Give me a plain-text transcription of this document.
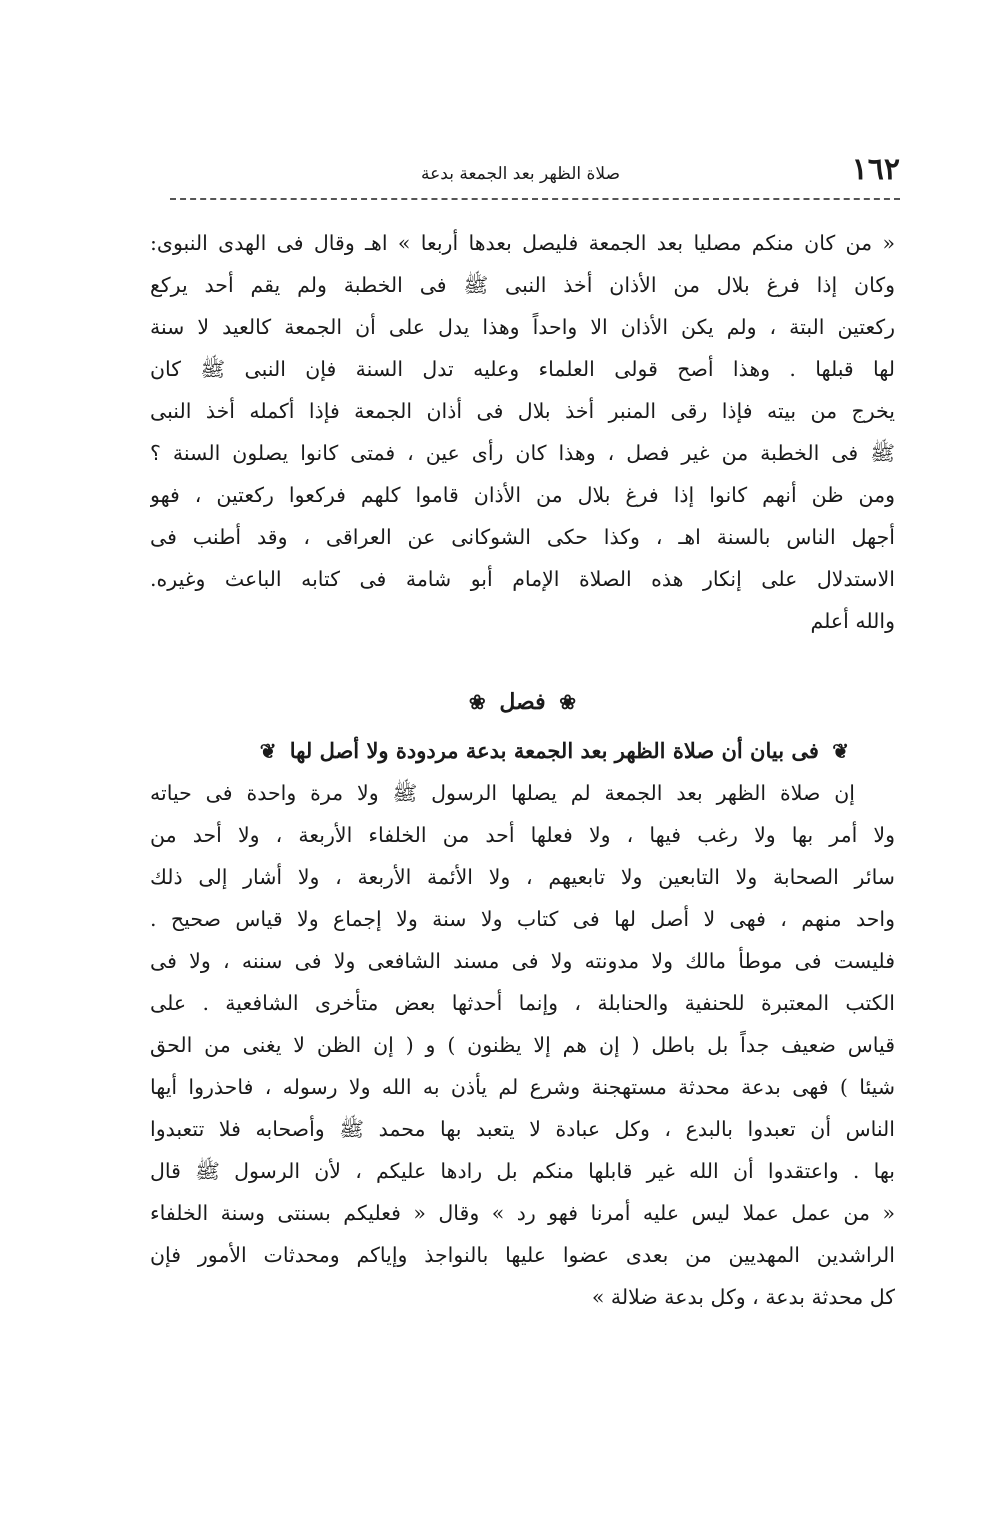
١٦٢
صلاة الظهر بعد الجمعة بدعة
« من كان منكم مصليا بعد الجمعة فليصل بعدها أربعا » اهـ وقال فى الهدى النبوى:
وكان إذا فرغ بلال من الأذان أخذ النبى ﷺ فى الخطبة ولم يقم أحد يركع
ركعتين البتة ، ولم يكن الأذان الا واحداً وهذا يدل على أن الجمعة كالعيد لا سنة
لها قبلها . وهذا أصح قولى العلماء وعليه تدل السنة فإن النبى ﷺ كان
يخرج من بيته فإذا رقى المنبر أخذ بلال فى أذان الجمعة فإذا أكمله أخذ النبى
ﷺ فى الخطبة من غير فصل ، وهذا كان رأى عين ، فمتى كانوا يصلون السنة ؟
ومن ظن أنهم كانوا إذا فرغ بلال من الأذان قاموا كلهم فركعوا ركعتين ، فهو
أجهل الناس بالسنة اهـ ، وكذا حكى الشوكانى عن العراقى ، وقد أطنب فى
الاستدلال على إنكار هذه الصلاة الإمام أبو شامة فى كتابه الباعث وغيره.
والله أعلم
❀ فصل ❀
❦ فى بيان أن صلاة الظهر بعد الجمعة بدعة مردودة ولا أصل لها ❦
إن صلاة الظهر بعد الجمعة لم يصلها الرسول ﷺ ولا مرة واحدة فى حياته
ولا أمر بها ولا رغب فيها ، ولا فعلها أحد من الخلفاء الأربعة ، ولا أحد من
سائر الصحابة ولا التابعين ولا تابعيهم ، ولا الأئمة الأربعة ، ولا أشار إلى ذلك
واحد منهم ، فهى لا أصل لها فى كتاب ولا سنة ولا إجماع ولا قياس صحيح .
فليست فى موطأ مالك ولا مدونته ولا فى مسند الشافعى ولا فى سننه ، ولا فى
الكتب المعتبرة للحنفية والحنابلة ، وإنما أحدثها بعض متأخرى الشافعية . على
قياس ضعيف جداً بل باطل ( إن هم إلا يظنون ) و ( إن الظن لا يغنى من الحق
شيئا ) فهى بدعة محدثة مستهجنة وشرع لم يأذن به الله ولا رسوله ، فاحذروا أيها
الناس أن تعبدوا بالبدع ، وكل عبادة لا يتعبد بها محمد ﷺ وأصحابه فلا تتعبدوا
بها . واعتقدوا أن الله غير قابلها منكم بل رادها عليكم ، لأن الرسول ﷺ قال
« من عمل عملا ليس عليه أمرنا فهو رد » وقال « فعليكم بسنتى وسنة الخلفاء
الراشدين المهديين من بعدى عضوا عليها بالنواجذ وإياكم ومحدثات الأمور فإن
كل محدثة بدعة ، وكل بدعة ضلالة »
